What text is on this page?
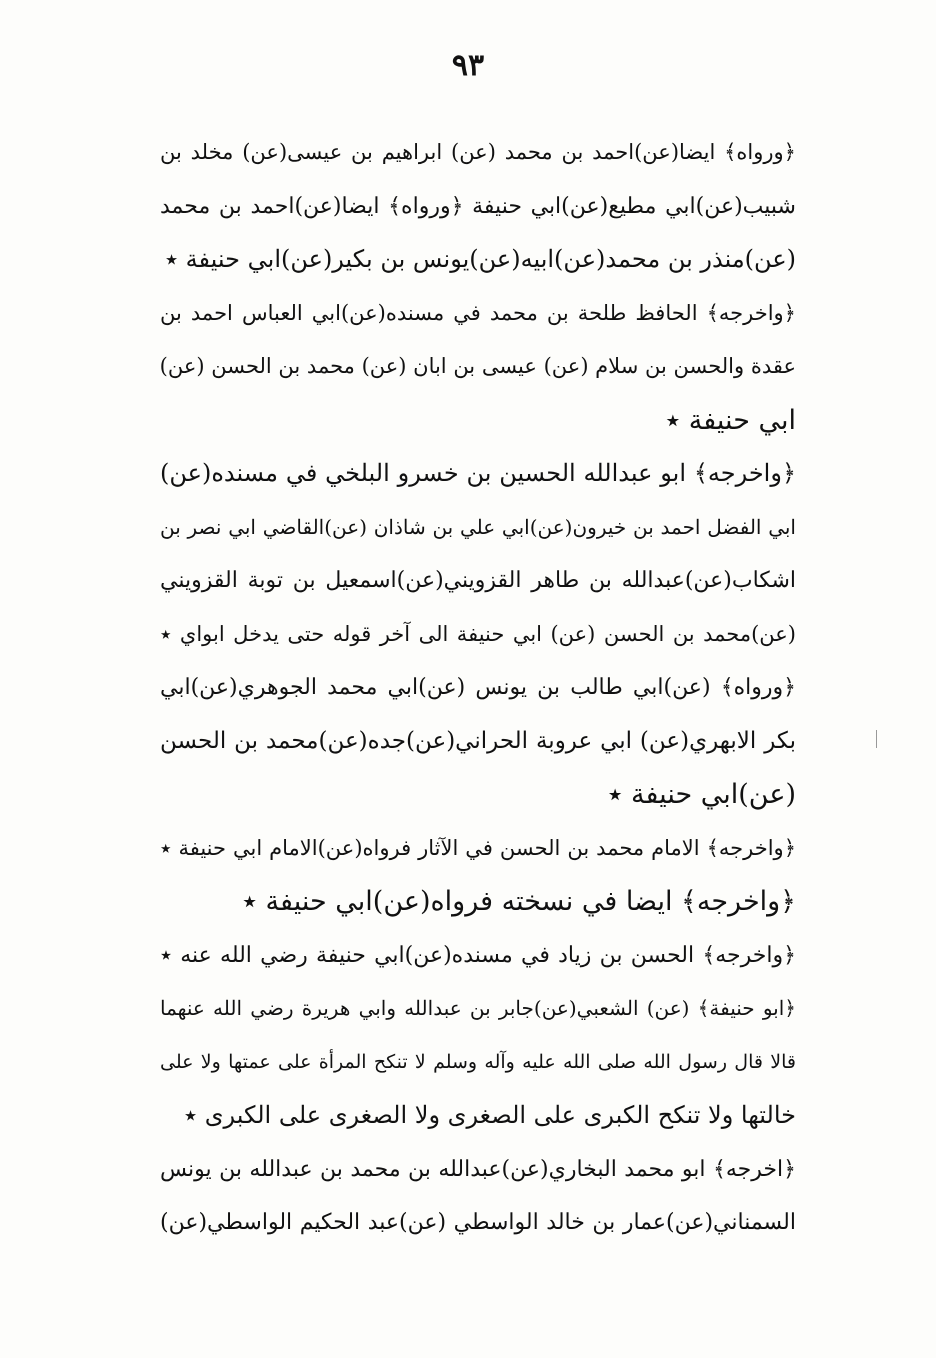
٩٣
﴿ورواه﴾ ايضا(عن)احمد بن محمد (عن) ابراهيم بن عيسى(عن) مخلد بن
شبيب(عن)ابي مطيع(عن)ابي حنيفة ﴿ورواه﴾ ايضا(عن)احمد بن محمد
(عن)منذر بن محمد(عن)ابيه(عن)يونس بن بكير(عن)ابي حنيفة ٭
﴿واخرجه﴾ الحافظ طلحة بن محمد في مسنده(عن)ابي العباس احمد بن
عقدة والحسن بن سلام (عن) عيسى بن ابان (عن) محمد بن الحسن (عن)
ابي حنيفة ٭
﴿واخرجه﴾ ابو عبدالله الحسين بن خسرو البلخي في مسنده(عن)
ابي الفضل احمد بن خيرون(عن)ابي علي بن شاذان (عن)القاضي ابي نصر بن
اشكاب(عن)عبدالله بن طاهر القزويني(عن)اسمعيل بن توبة القزويني
(عن)محمد بن الحسن (عن) ابي حنيفة الى آخر قوله حتى يدخل ابواي ٭
﴿ورواه﴾ (عن)ابي طالب بن يونس (عن)ابي محمد الجوهري(عن)ابي
بكر الابهري(عن) ابي عروبة الحراني(عن)جده(عن)محمد بن الحسن
(عن)ابي حنيفة ٭
﴿واخرجه﴾ الامام محمد بن الحسن في الآثار فرواه(عن)الامام ابي حنيفة ٭
﴿واخرجه﴾ ايضا في نسخته فرواه(عن)ابي حنيفة ٭
﴿واخرجه﴾ الحسن بن زياد في مسنده(عن)ابي حنيفة رضي الله عنه ٭
﴿ابو حنيفة﴾ (عن) الشعبي(عن)جابر بن عبدالله وابي هريرة رضي الله عنهما
قالا قال رسول الله صلى الله عليه وآله وسلم لا تنكح المرأة على عمتها ولا على
خالتها ولا تنكح الكبرى على الصغرى ولا الصغرى على الكبرى ٭
﴿اخرجه﴾ ابو محمد البخاري(عن)عبدالله بن محمد بن عبدالله بن يونس
السمناني(عن)عمار بن خالد الواسطي (عن)عبد الحكيم الواسطي(عن)
